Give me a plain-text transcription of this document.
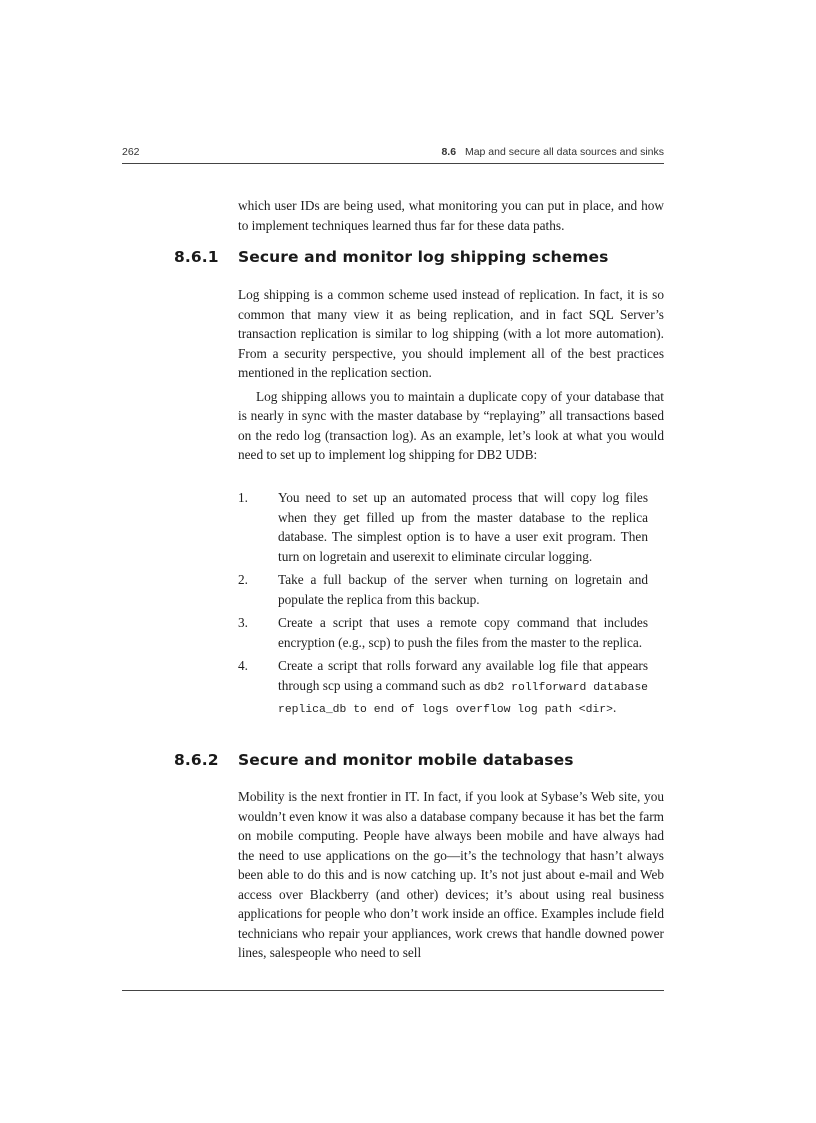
262	8.6 Map and secure all data sources and sinks

which user IDs are being used, what monitoring you can put in place, and how to implement techniques learned thus far for these data paths.

8.6.1 Secure and monitor log shipping schemes

Log shipping is a common scheme used instead of replication. In fact, it is so common that many view it as being replication, and in fact SQL Server’s transaction replication is similar to log shipping (with a lot more automation). From a security perspective, you should implement all of the best practices mentioned in the replication section.

Log shipping allows you to maintain a duplicate copy of your database that is nearly in sync with the master database by “replaying” all transactions based on the redo log (transaction log). As an example, let’s look at what you would need to set up to implement log shipping for DB2 UDB:

1. You need to set up an automated process that will copy log files when they get filled up from the master database to the replica database. The simplest option is to have a user exit program. Then turn on logretain and userexit to eliminate circular logging.
2. Take a full backup of the server when turning on logretain and populate the replica from this backup.
3. Create a script that uses a remote copy command that includes encryption (e.g., scp) to push the files from the master to the replica.
4. Create a script that rolls forward any available log file that appears through scp using a command such as db2 rollforward database replica_db to end of logs overflow log path <dir>.
8.6.2 Secure and monitor mobile databases

Mobility is the next frontier in IT. In fact, if you look at Sybase’s Web site, you wouldn’t even know it was also a database company because it has bet the farm on mobile computing. People have always been mobile and have always had the need to use applications on the go—it’s the technology that hasn’t always been able to do this and is now catching up. It’s not just about e-mail and Web access over Blackberry (and other) devices; it’s about using real business applications for people who don’t work inside an office. Examples include field technicians who repair your appliances, work crews that handle downed power lines, salespeople who need to sell
